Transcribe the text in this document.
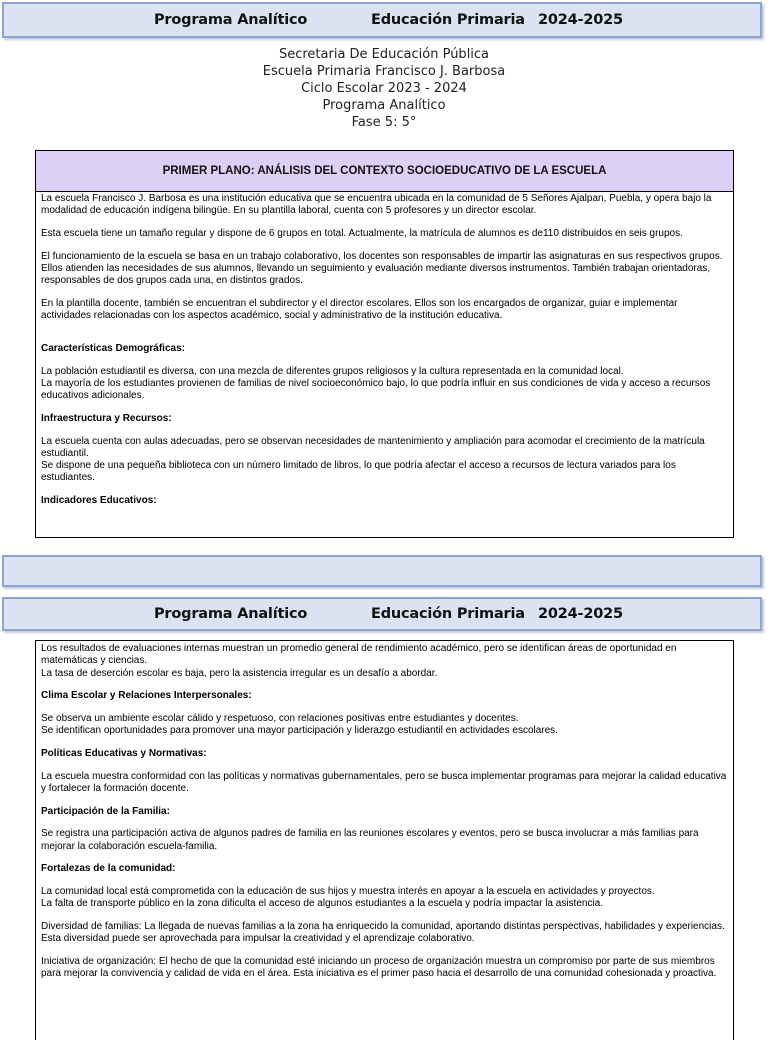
Programa Analítico	Educación Primaria 2024-2025
Secretaria De Educación Pública
Escuela Primaria Francisco J. Barbosa
Ciclo Escolar 2023 - 2024
Programa Analítico
Fase 5: 5°
PRIMER PLANO: ANÁLISIS DEL CONTEXTO SOCIOEDUCATIVO DE LA ESCUELA

La escuela Francisco J. Barbosa es una institución educativa que se encuentra ubicada en la comunidad de 5 Señores Ajalpan, Puebla, y opera bajo la modalidad de educación indígena bilingüe. En su plantilla laboral, cuenta con 5 profesores y un director escolar.

Esta escuela tiene un tamaño regular y dispone de 6 grupos en total. Actualmente, la matrícula de alumnos es de110 distribuidos en seis grupos.

El funcionamiento de la escuela se basa en un trabajo colaborativo, los docentes son responsables de impartir las asignaturas en sus respectivos grupos. Ellos atienden las necesidades de sus alumnos, llevando un seguimiento y evaluación mediante diversos instrumentos. También trabajan orientadoras, responsables de dos grupos cada una, en distintos grados.

En la plantilla docente, también se encuentran el subdirector y el director escolares. Ellos son los encargados de organizar, guiar e implementar actividades relacionadas con los aspectos académico, social y administrativo de la institución educativa.

Características Demográficas:

La población estudiantil es diversa, con una mezcla de diferentes grupos religiosos y la cultura representada en la comunidad local.
La mayoría de los estudiantes provienen de familias de nivel socioeconómico bajo, lo que podría influir en sus condiciones de vida y acceso a recursos educativos adicionales.

Infraestructura y Recursos:

La escuela cuenta con aulas adecuadas, pero se observan necesidades de mantenimiento y ampliación para acomodar el crecimiento de la matrícula estudiantil.
Se dispone de una pequeña biblioteca con un número limitado de libros, lo que podría afectar el acceso a recursos de lectura variados para los estudiantes.

Indicadores Educativos:

Programa Analítico	Educación Primaria 2024-2025

Los resultados de evaluaciones internas muestran un promedio general de rendimiento académico, pero se identifican áreas de oportunidad en matemáticas y ciencias.
La tasa de deserción escolar es baja, pero la asistencia irregular es un desafío a abordar.

Clima Escolar y Relaciones Interpersonales:

Se observa un ambiente escolar cálido y respetuoso, con relaciones positivas entre estudiantes y docentes.
Se identifican oportunidades para promover una mayor participación y liderazgo estudiantil en actividades escolares.

Políticas Educativas y Normativas:

La escuela muestra conformidad con las políticas y normativas gubernamentales, pero se busca implementar programas para mejorar la calidad educativa y fortalecer la formación docente.

Participación de la Familia:

Se registra una participación activa de algunos padres de familia en las reuniones escolares y eventos, pero se busca involucrar a más familias para mejorar la colaboración escuela-familia.

Fortalezas de la comunidad:

La comunidad local está comprometida con la educación de sus hijos y muestra interés en apoyar a la escuela en actividades y proyectos.
La falta de transporte público en la zona dificulta el acceso de algunos estudiantes a la escuela y podría impactar la asistencia.

Diversidad de familias: La llegada de nuevas familias a la zona ha enriquecido la comunidad, aportando distintas perspectivas, habilidades y experiencias. Esta diversidad puede ser aprovechada para impulsar la creatividad y el aprendizaje colaborativo.

Iniciativa de organización: El hecho de que la comunidad esté iniciando un proceso de organización muestra un compromiso por parte de sus miembros para mejorar la convivencia y calidad de vida en el área. Esta iniciativa es el primer paso hacia el desarrollo de una comunidad cohesionada y proactiva.
